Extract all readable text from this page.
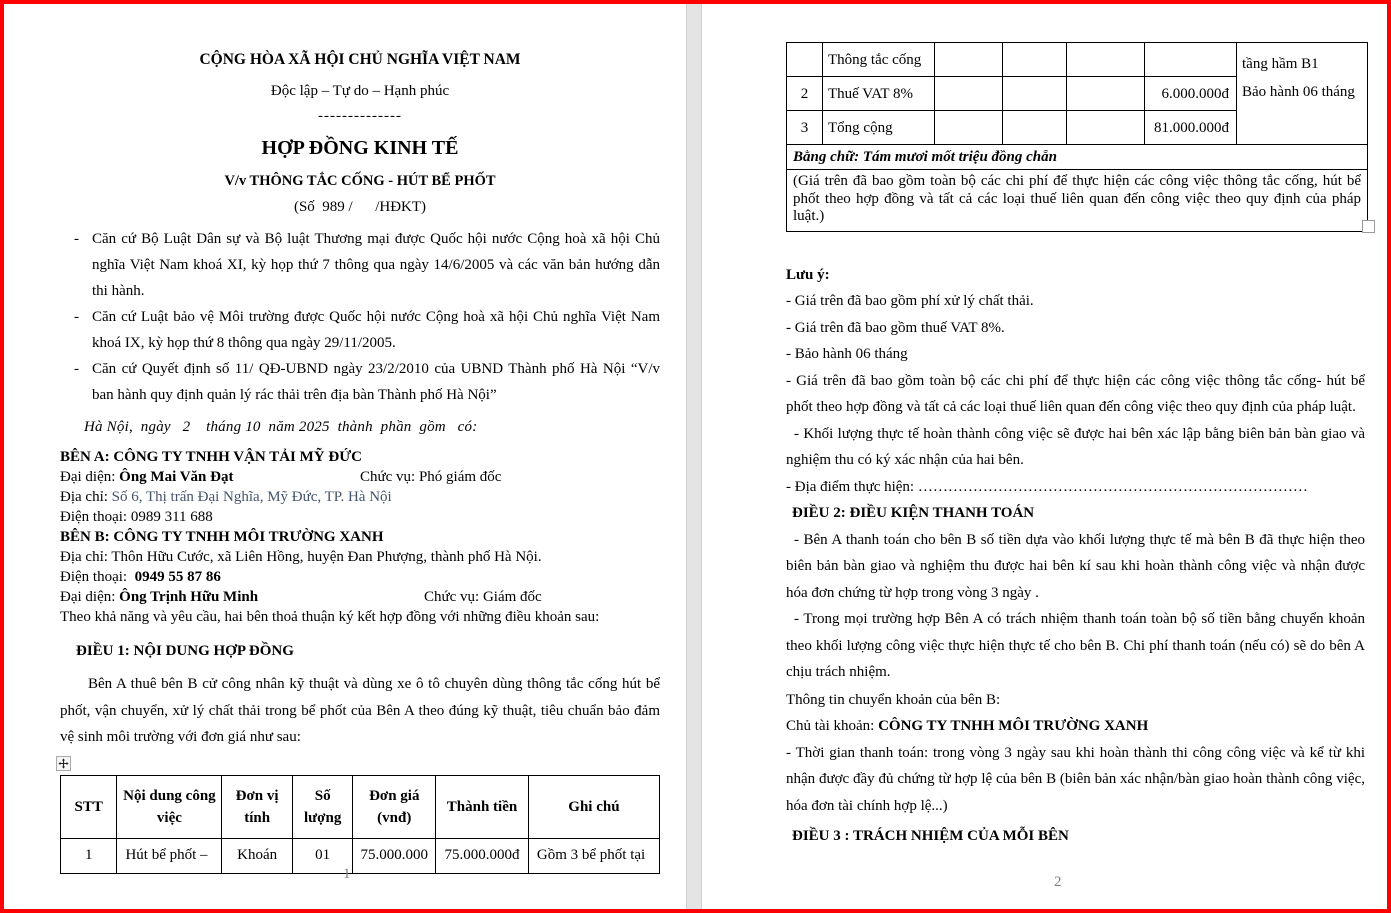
CỘNG HÒA XÃ HỘI CHỦ NGHĨA VIỆT NAM
Độc lập – Tự do – Hạnh phúc
--------------
HỢP ĐỒNG KINH TẾ
V/v THÔNG TẮC CỐNG - HÚT BỂ PHỐT
(Số  989 /      /HĐKT)
- Căn cứ Bộ Luật Dân sự và Bộ luật Thương mại được Quốc hội nước Cộng hoà xã hội Chủ nghĩa Việt Nam khoá XI, kỳ họp thứ 7 thông qua ngày 14/6/2005 và các văn bản hướng dẫn thi hành.
- Căn cứ Luật bảo vệ Môi trường được Quốc hội nước Cộng hoà xã hội Chủ nghĩa Việt Nam khoá IX, kỳ họp thứ 8 thông qua ngày 29/11/2005.
- Căn cứ Quyết định số 11/ QĐ-UBND ngày 23/2/2010 của UBND Thành phố Hà Nội “V/v ban hành quy định quản lý rác thải trên địa bàn Thành phố Hà Nội”
Hà Nội,  ngày   2    tháng 10  năm 2025  thành  phần  gồm   có:
BÊN A: CÔNG TY TNHH VẬN TẢI MỸ ĐỨC
Đại diện: Ông Mai Văn Đạt	Chức vụ: Phó giám đốc
Địa chỉ: Số 6, Thị trấn Đại Nghĩa, Mỹ Đức, TP. Hà Nội
Điện thoại: 0989 311 688
BÊN B: CÔNG TY TNHH MÔI TRƯỜNG XANH
Địa chỉ: Thôn Hữu Cước, xã Liên Hồng, huyện Đan Phượng, thành phố Hà Nội.
Điện thoại:  0949 55 87 86
Đại diện: Ông Trịnh Hữu Minh	Chức vụ: Giám đốc
Theo khả năng và yêu cầu, hai bên thoả thuận ký kết hợp đồng với những điều khoản sau:
ĐIỀU 1: NỘI DUNG HỢP ĐỒNG
Bên A thuê bên B cử công nhân kỹ thuật và dùng xe ô tô chuyên dùng thông tắc cống hút bể phốt, vận chuyển, xử lý chất thải trong bể phốt của Bên A theo đúng kỹ thuật, tiêu chuẩn bảo đảm vệ sinh môi trường với đơn giá như sau:
STT	Nội dung công việc	Đơn vị tính	Số lượng	Đơn giá (vnđ)	Thành tiền	Ghi chú
1	Hút bể phốt –	Khoán	01	75.000.000	75.000.000đ	Gồm 3 bể phốt tại
1
	Thông tắc cống					tầng hầm B1
Bảo hành 06 tháng

2	Thuế VAT 8%				6.000.000đ	
3	Tổng cộng				81.000.000đ	
Bằng chữ: Tám mươi mốt triệu đồng chẵn						
(Giá trên đã bao gồm toàn bộ các chi phí để thực hiện các công việc thông tắc cống, hút bể phốt theo hợp đồng và tất cả các loại thuế liên quan đến công việc theo quy định của pháp luật.)						

Lưu ý:

- Giá trên đã bao gồm phí xử lý chất thải.

- Giá trên đã bao gồm thuế VAT 8%.

- Bảo hành 06 tháng

- Giá trên đã bao gồm toàn bộ các chi phí để thực hiện các công việc thông tắc cống- hút bể phốt theo hợp đồng và tất cả các loại thuế liên quan đến công việc theo quy định của pháp luật.

- Khối lượng thực tế hoàn thành công việc sẽ được hai bên xác lập bằng biên bản bàn giao và nghiệm thu có ký xác nhận của hai bên.

- Địa điểm thực hiện: ……………………………………………………………………

ĐIỀU 2: ĐIỀU KIỆN THANH TOÁN

- Bên A thanh toán cho bên B số tiền dựa vào khối lượng thực tế mà bên B đã thực hiện theo biên bản bàn giao và nghiệm thu được hai bên kí sau khi hoàn thành công việc và nhận được hóa đơn chứng từ hợp trong vòng 3 ngày .

- Trong mọi trường hợp Bên A có trách nhiệm thanh toán toàn bộ số tiền bằng chuyển khoản theo khối lượng công việc thực hiện thực tế cho bên B. Chi phí thanh toán (nếu có) sẽ do bên A chịu trách nhiệm.

Thông tin chuyển khoản của bên B:

Chủ tài khoản: CÔNG TY TNHH MÔI TRƯỜNG XANH

- Thời gian thanh toán: trong vòng 3 ngày sau khi hoàn thành thi công công việc và kể từ khi nhận được đầy đủ chứng từ hợp lệ của bên B (biên bản xác nhận/bàn giao hoàn thành công việc, hóa đơn tài chính hợp lệ...)

ĐIỀU 3 : TRÁCH NHIỆM CỦA MỖI BÊN

2
